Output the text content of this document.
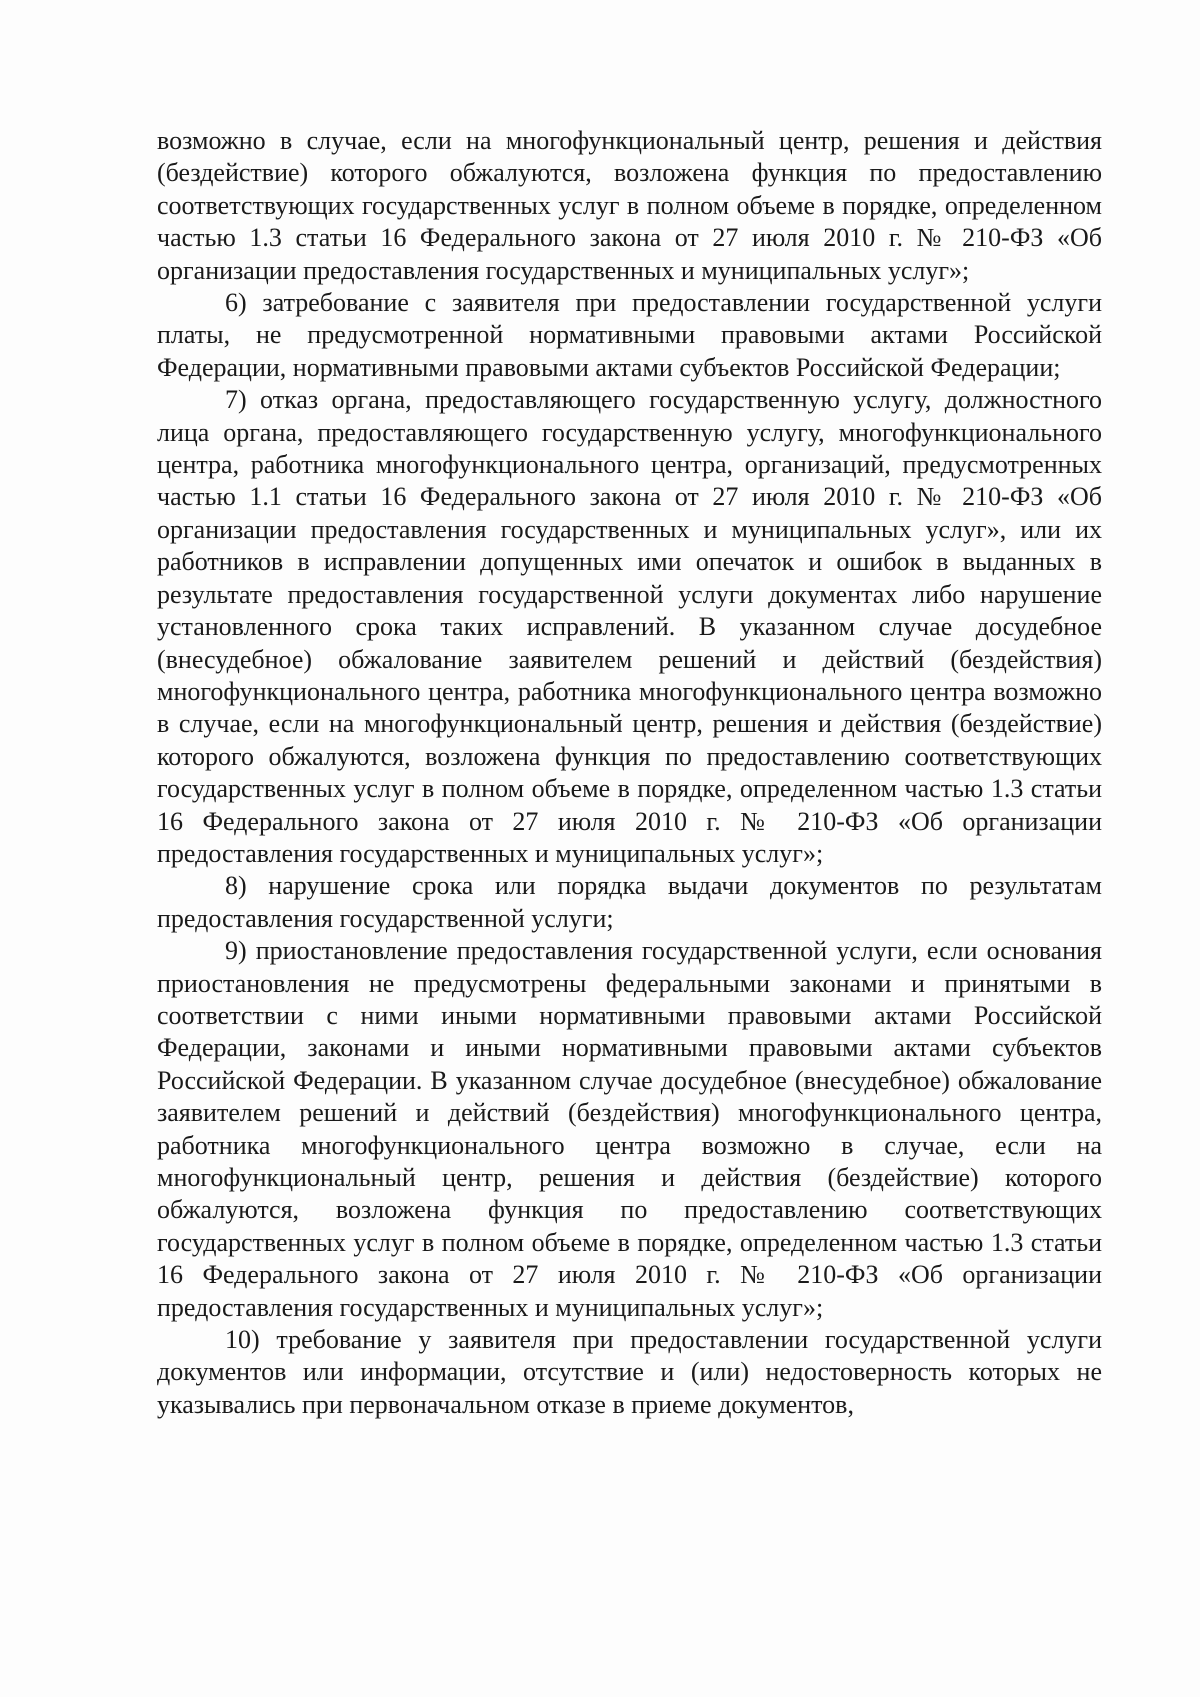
возможно в случае, если на многофункциональный центр, решения и действия (бездействие) которого обжалуются, возложена функция по предоставлению соответствующих государственных услуг в полном объеме в порядке, определенном частью 1.3 статьи 16 Федерального закона от 27 июля 2010 г. № 210-ФЗ «Об организации предоставления государственных и муниципальных услуг»;

6) затребование с заявителя при предоставлении государственной услуги платы, не предусмотренной нормативными правовыми актами Российской Федерации, нормативными правовыми актами субъектов Российской Федерации;

7) отказ органа, предоставляющего государственную услугу, должностного лица органа, предоставляющего государственную услугу, многофункционального центра, работника многофункционального центра, организаций, предусмотренных частью 1.1 статьи 16 Федерального закона от 27 июля 2010 г. № 210-ФЗ «Об организации предоставления государственных и муниципальных услуг», или их работников в исправлении допущенных ими опечаток и ошибок в выданных в результате предоставления государственной услуги документах либо нарушение установленного срока таких исправлений. В указанном случае досудебное (внесудебное) обжалование заявителем решений и действий (бездействия) многофункционального центра, работника многофункционального центра возможно в случае, если на многофункциональный центр, решения и действия (бездействие) которого обжалуются, возложена функция по предоставлению соответствующих государственных услуг в полном объеме в порядке, определенном частью 1.3 статьи 16 Федерального закона от 27 июля 2010 г. № 210-ФЗ «Об организации предоставления государственных и муниципальных услуг»;

8) нарушение срока или порядка выдачи документов по результатам предоставления государственной услуги;

9) приостановление предоставления государственной услуги, если основания приостановления не предусмотрены федеральными законами и принятыми в соответствии с ними иными нормативными правовыми актами Российской Федерации, законами и иными нормативными правовыми актами субъектов Российской Федерации. В указанном случае досудебное (внесудебное) обжалование заявителем решений и действий (бездействия) многофункционального центра, работника многофункционального центра возможно в случае, если на многофункциональный центр, решения и действия (бездействие) которого обжалуются, возложена функция по предоставлению соответствующих государственных услуг в полном объеме в порядке, определенном частью 1.3 статьи 16 Федерального закона от 27 июля 2010 г. № 210-ФЗ «Об организации предоставления государственных и муниципальных услуг»;

10) требование у заявителя при предоставлении государственной услуги документов или информации, отсутствие и (или) недостоверность которых не указывались при первоначальном отказе в приеме документов,
